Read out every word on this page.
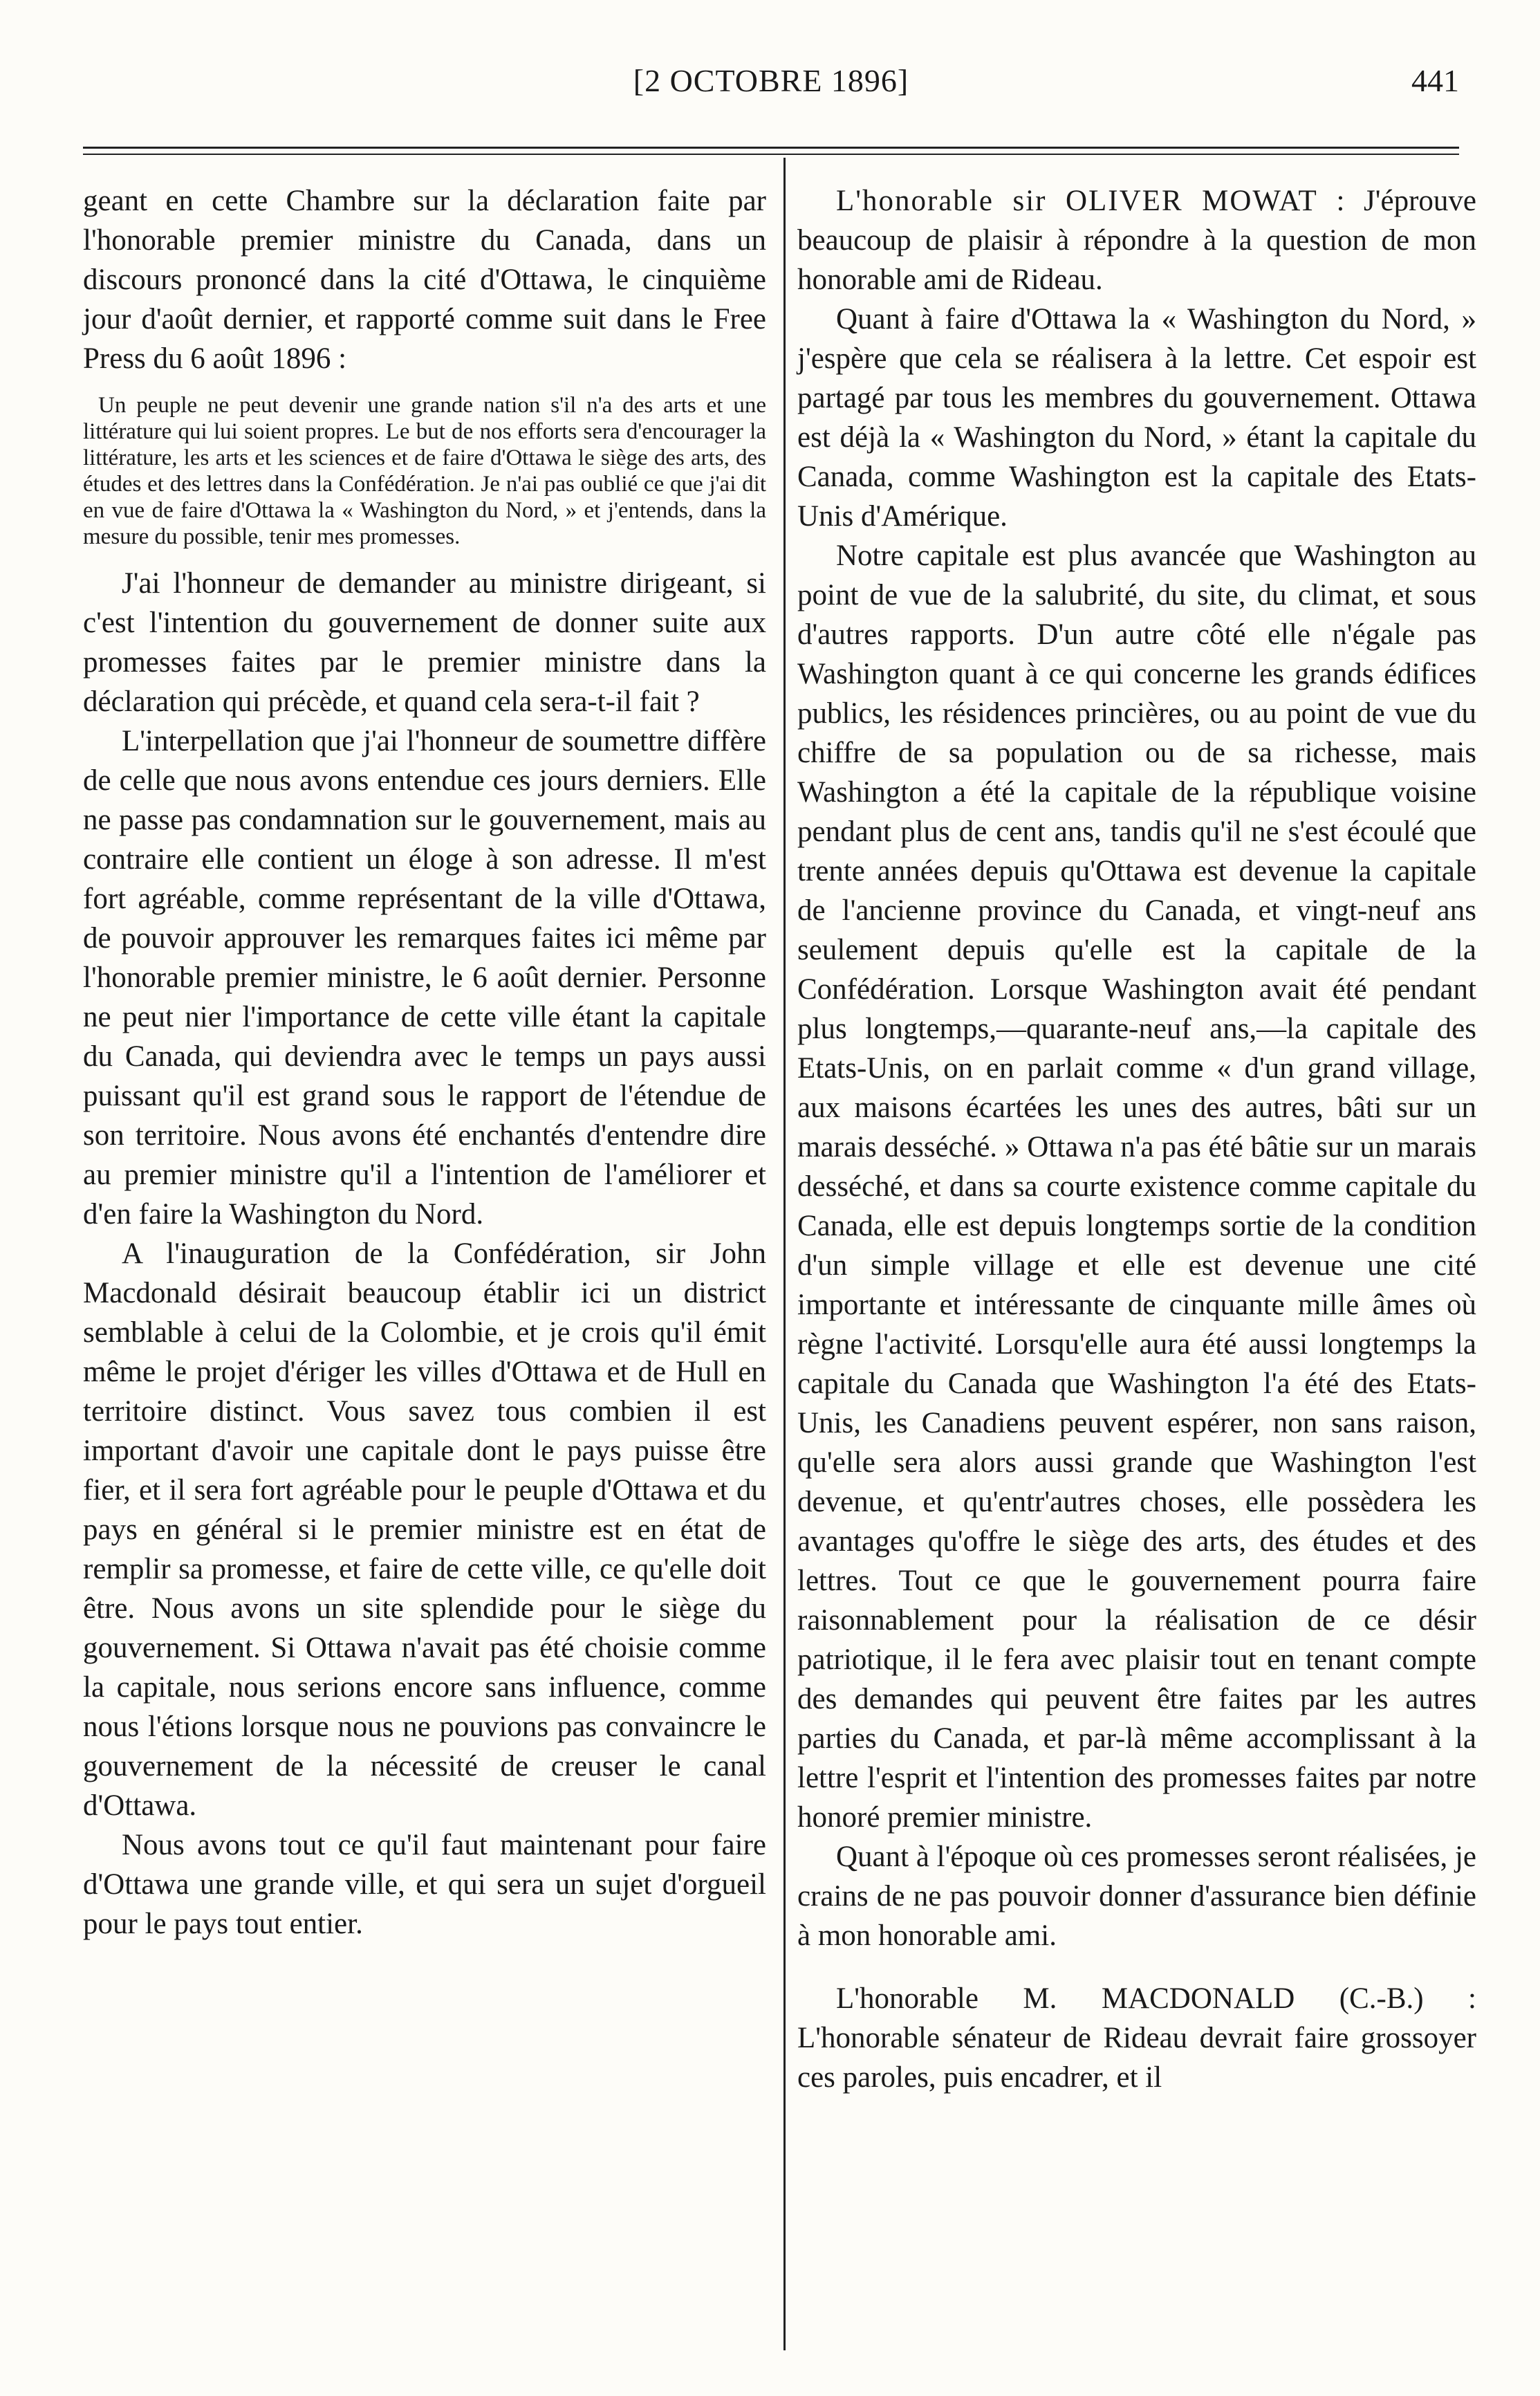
[2 OCTOBRE 1896]	441

geant en cette Chambre sur la déclaration faite par l'honorable premier ministre du Canada, dans un discours prononcé dans la cité d'Ottawa, le cinquième jour d'août dernier, et rapporté comme suit dans le Free Press du 6 août 1896 :

Un peuple ne peut devenir une grande nation s'il n'a des arts et une littérature qui lui soient propres. Le but de nos efforts sera d'encourager la littérature, les arts et les sciences et de faire d'Ottawa le siège des arts, des études et des lettres dans la Confédération. Je n'ai pas oublié ce que j'ai dit en vue de faire d'Ottawa la « Washington du Nord, » et j'entends, dans la mesure du possible, tenir mes promesses.

J'ai l'honneur de demander au ministre dirigeant, si c'est l'intention du gouvernement de donner suite aux promesses faites par le premier ministre dans la déclaration qui précède, et quand cela sera-t-il fait ?

L'interpellation que j'ai l'honneur de soumettre diffère de celle que nous avons entendue ces jours derniers. Elle ne passe pas condamnation sur le gouvernement, mais au contraire elle contient un éloge à son adresse. Il m'est fort agréable, comme représentant de la ville d'Ottawa, de pouvoir approuver les remarques faites ici même par l'honorable premier ministre, le 6 août dernier. Personne ne peut nier l'importance de cette ville étant la capitale du Canada, qui deviendra avec le temps un pays aussi puissant qu'il est grand sous le rapport de l'étendue de son territoire. Nous avons été enchantés d'entendre dire au premier ministre qu'il a l'intention de l'améliorer et d'en faire la Washington du Nord.

A l'inauguration de la Confédération, sir John Macdonald désirait beaucoup établir ici un district semblable à celui de la Colombie, et je crois qu'il émit même le projet d'ériger les villes d'Ottawa et de Hull en territoire distinct. Vous savez tous combien il est important d'avoir une capitale dont le pays puisse être fier, et il sera fort agréable pour le peuple d'Ottawa et du pays en général si le premier ministre est en état de remplir sa promesse, et faire de cette ville, ce qu'elle doit être. Nous avons un site splendide pour le siège du gouvernement. Si Ottawa n'avait pas été choisie comme la capitale, nous serions encore sans influence, comme nous l'étions lorsque nous ne pouvions pas convaincre le gouvernement de la nécessité de creuser le canal d'Ottawa.

Nous avons tout ce qu'il faut maintenant pour faire d'Ottawa une grande ville, et qui sera un sujet d'orgueil pour le pays tout entier.

L'honorable sir OLIVER MOWAT : J'éprouve beaucoup de plaisir à répondre à la question de mon honorable ami de Rideau.

Quant à faire d'Ottawa la « Washington du Nord, » j'espère que cela se réalisera à la lettre. Cet espoir est partagé par tous les membres du gouvernement. Ottawa est déjà la « Washington du Nord, » étant la capitale du Canada, comme Washington est la capitale des Etats-Unis d'Amérique.

Notre capitale est plus avancée que Washington au point de vue de la salubrité, du site, du climat, et sous d'autres rapports. D'un autre côté elle n'égale pas Washington quant à ce qui concerne les grands édifices publics, les résidences princières, ou au point de vue du chiffre de sa population ou de sa richesse, mais Washington a été la capitale de la république voisine pendant plus de cent ans, tandis qu'il ne s'est écoulé que trente années depuis qu'Ottawa est devenue la capitale de l'ancienne province du Canada, et vingt-neuf ans seulement depuis qu'elle est la capitale de la Confédération. Lorsque Washington avait été pendant plus longtemps,—quarante-neuf ans,—la capitale des Etats-Unis, on en parlait comme « d'un grand village, aux maisons écartées les unes des autres, bâti sur un marais desséché. » Ottawa n'a pas été bâtie sur un marais desséché, et dans sa courte existence comme capitale du Canada, elle est depuis longtemps sortie de la condition d'un simple village et elle est devenue une cité importante et intéressante de cinquante mille âmes où règne l'activité. Lorsqu'elle aura été aussi longtemps la capitale du Canada que Washington l'a été des Etats-Unis, les Canadiens peuvent espérer, non sans raison, qu'elle sera alors aussi grande que Washington l'est devenue, et qu'entr'autres choses, elle possèdera les avantages qu'offre le siège des arts, des études et des lettres. Tout ce que le gouvernement pourra faire raisonnablement pour la réalisation de ce désir patriotique, il le fera avec plaisir tout en tenant compte des demandes qui peuvent être faites par les autres parties du Canada, et par-là même accomplissant à la lettre l'esprit et l'intention des promesses faites par notre honoré premier ministre.

Quant à l'époque où ces promesses seront réalisées, je crains de ne pas pouvoir donner d'assurance bien définie à mon honorable ami.

L'honorable M. MACDONALD (C.-B.) : L'honorable sénateur de Rideau devrait faire grossoyer ces paroles, puis encadrer, et il
